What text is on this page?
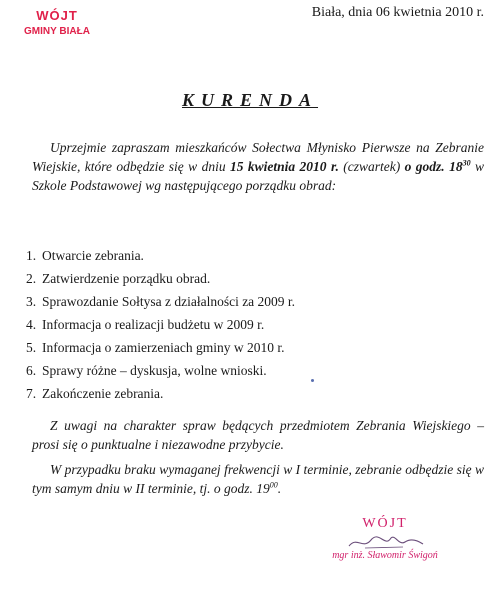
WÓJT
GMINY BIAŁA
Biała, dnia 06 kwietnia 2010 r.
KURENDA
Uprzejmie zapraszam mieszkańców Sołectwa Młynisko Pierwsze na Zebranie Wiejskie, które odbędzie się w dniu 15 kwietnia 2010 r. (czwartek) o godz. $18^{30}$ w Szkole Podstawowej wg następującego porządku obrad:
1. Otwarcie zebrania.
2. Zatwierdzenie porządku obrad.
3. Sprawozdanie Sołtysa z działalności za 2009 r.
4. Informacja o realizacji budżetu w 2009 r.
5. Informacja o zamierzeniach gminy w 2010 r.
6. Sprawy różne – dyskusja, wolne wnioski.
7. Zakończenie zebrania.
Z uwagi na charakter spraw będących przedmiotem Zebrania Wiejskiego – prosi się o punktualne i niezawodne przybycie.
W przypadku braku wymaganej frekwencji w I terminie, zebranie odbędzie się w tym samym dniu w II terminie, tj. o godz. $19^{00}$.
WÓJT
mgr inż. Sławomir Świgoń
